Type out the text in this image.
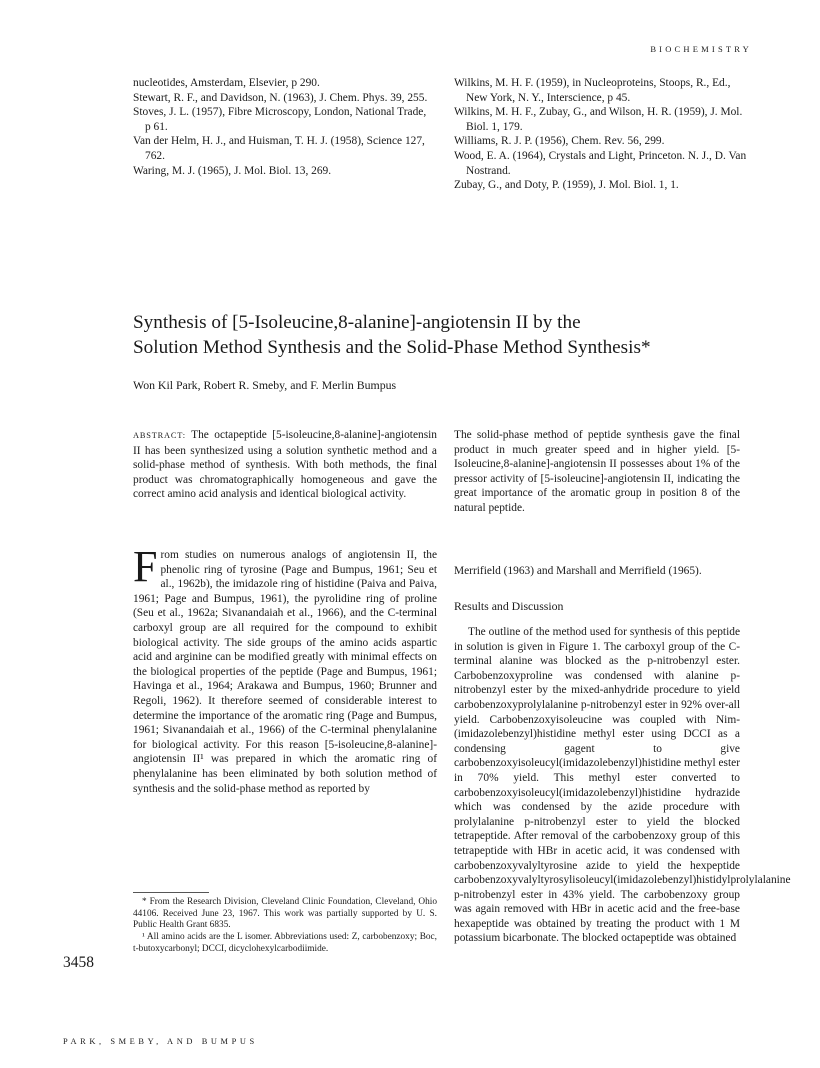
BIOCHEMISTRY
nucleotides, Amsterdam, Elsevier, p 290.
Stewart, R. F., and Davidson, N. (1963), J. Chem. Phys. 39, 255.
Stoves, J. L. (1957), Fibre Microscopy, London, National Trade, p 61.
Van der Helm, H. J., and Huisman, T. H. J. (1958), Science 127, 762.
Waring, M. J. (1965), J. Mol. Biol. 13, 269.
Wilkins, M. H. F. (1959), in Nucleoproteins, Stoops, R., Ed., New York, N. Y., Interscience, p 45.
Wilkins, M. H. F., Zubay, G., and Wilson, H. R. (1959), J. Mol. Biol. 1, 179.
Williams, R. J. P. (1956), Chem. Rev. 56, 299.
Wood, E. A. (1964), Crystals and Light, Princeton. N. J., D. Van Nostrand.
Zubay, G., and Doty, P. (1959), J. Mol. Biol. 1, 1.
Synthesis of [5-Isoleucine,8-alanine]-angiotensin II by the
Solution Method Synthesis and the Solid-Phase Method Synthesis*
Won Kil Park, Robert R. Smeby, and F. Merlin Bumpus
ABSTRACT: The octapeptide [5-isoleucine,8-alanine]-angiotensin II has been synthesized using a solution synthetic method and a solid-phase method of synthesis. With both methods, the final product was chromatographically homogeneous and gave the correct amino acid analysis and identical biological activity.
The solid-phase method of peptide synthesis gave the final product in much greater speed and in higher yield. [5-Isoleucine,8-alanine]-angiotensin II possesses about 1% of the pressor activity of [5-isoleucine]-angiotensin II, indicating the great importance of the aromatic group in position 8 of the natural peptide.
From studies on numerous analogs of angiotensin II, the phenolic ring of tyrosine (Page and Bumpus, 1961; Seu et al., 1962b), the imidazole ring of histidine (Paiva and Paiva, 1961; Page and Bumpus, 1961), the pyrolidine ring of proline (Seu et al., 1962a; Sivanandaiah et al., 1966), and the C-terminal carboxyl group are all required for the compound to exhibit biological activity. The side groups of the amino acids aspartic acid and arginine can be modified greatly with minimal effects on the biological properties of the peptide (Page and Bumpus, 1961; Havinga et al., 1964; Arakawa and Bumpus, 1960; Brunner and Regoli, 1962). It therefore seemed of considerable interest to determine the importance of the aromatic ring (Page and Bumpus, 1961; Sivanandaiah et al., 1966) of the C-terminal phenylalanine for biological activity. For this reason [5-isoleucine,8-alanine]-angiotensin II¹ was prepared in which the aromatic ring of phenylalanine has been eliminated by both solution method of synthesis and the solid-phase method as reported by
Merrifield (1963) and Marshall and Merrifield (1965).
Results and Discussion
The outline of the method used for synthesis of this peptide in solution is given in Figure 1. The carboxyl group of the C-terminal alanine was blocked as the p-nitrobenzyl ester. Carbobenzoxyproline was condensed with alanine p-nitrobenzyl ester by the mixed-anhydride procedure to yield carbobenzoxyprolylalanine p-nitrobenzyl ester in 92% over-all yield. Carbobenzoxyisoleucine was coupled with Nim-(imidazolebenzyl)histidine methyl ester using DCCI as a condensing gagent to give carbobenzoxyisoleucyl(imidazolebenzyl)histidine methyl ester in 70% yield. This methyl ester converted to carbobenzoxyisoleucyl(imidazolebenzyl)histidine hydrazide which was condensed by the azide procedure with prolylalanine p-nitrobenzyl ester to yield the blocked tetrapeptide. After removal of the carbobenzoxy group of this tetrapeptide with HBr in acetic acid, it was condensed with carbobenzoxyvalyltyrosine azide to yield the hexpeptide carbobenzoxyvalyltyrosylisoleucyl(imidazolebenzyl)histidylprolylalanine p-nitrobenzyl ester in 43% yield. The carbobenzoxy group was again removed with HBr in acetic acid and the free-base hexapeptide was obtained by treating the product with 1 M potassium bicarbonate. The blocked octapeptide was obtained
* From the Research Division, Cleveland Clinic Foundation, Cleveland, Ohio 44106. Received June 23, 1967. This work was partially supported by U. S. Public Health Grant 6835.
¹ All amino acids are the L isomer. Abbreviations used: Z, carbobenzoxy; Boc, t-butoxycarbonyl; DCCI, dicyclohexylcarbodiimide.
3458
PARK, SMEBY, AND BUMPUS
